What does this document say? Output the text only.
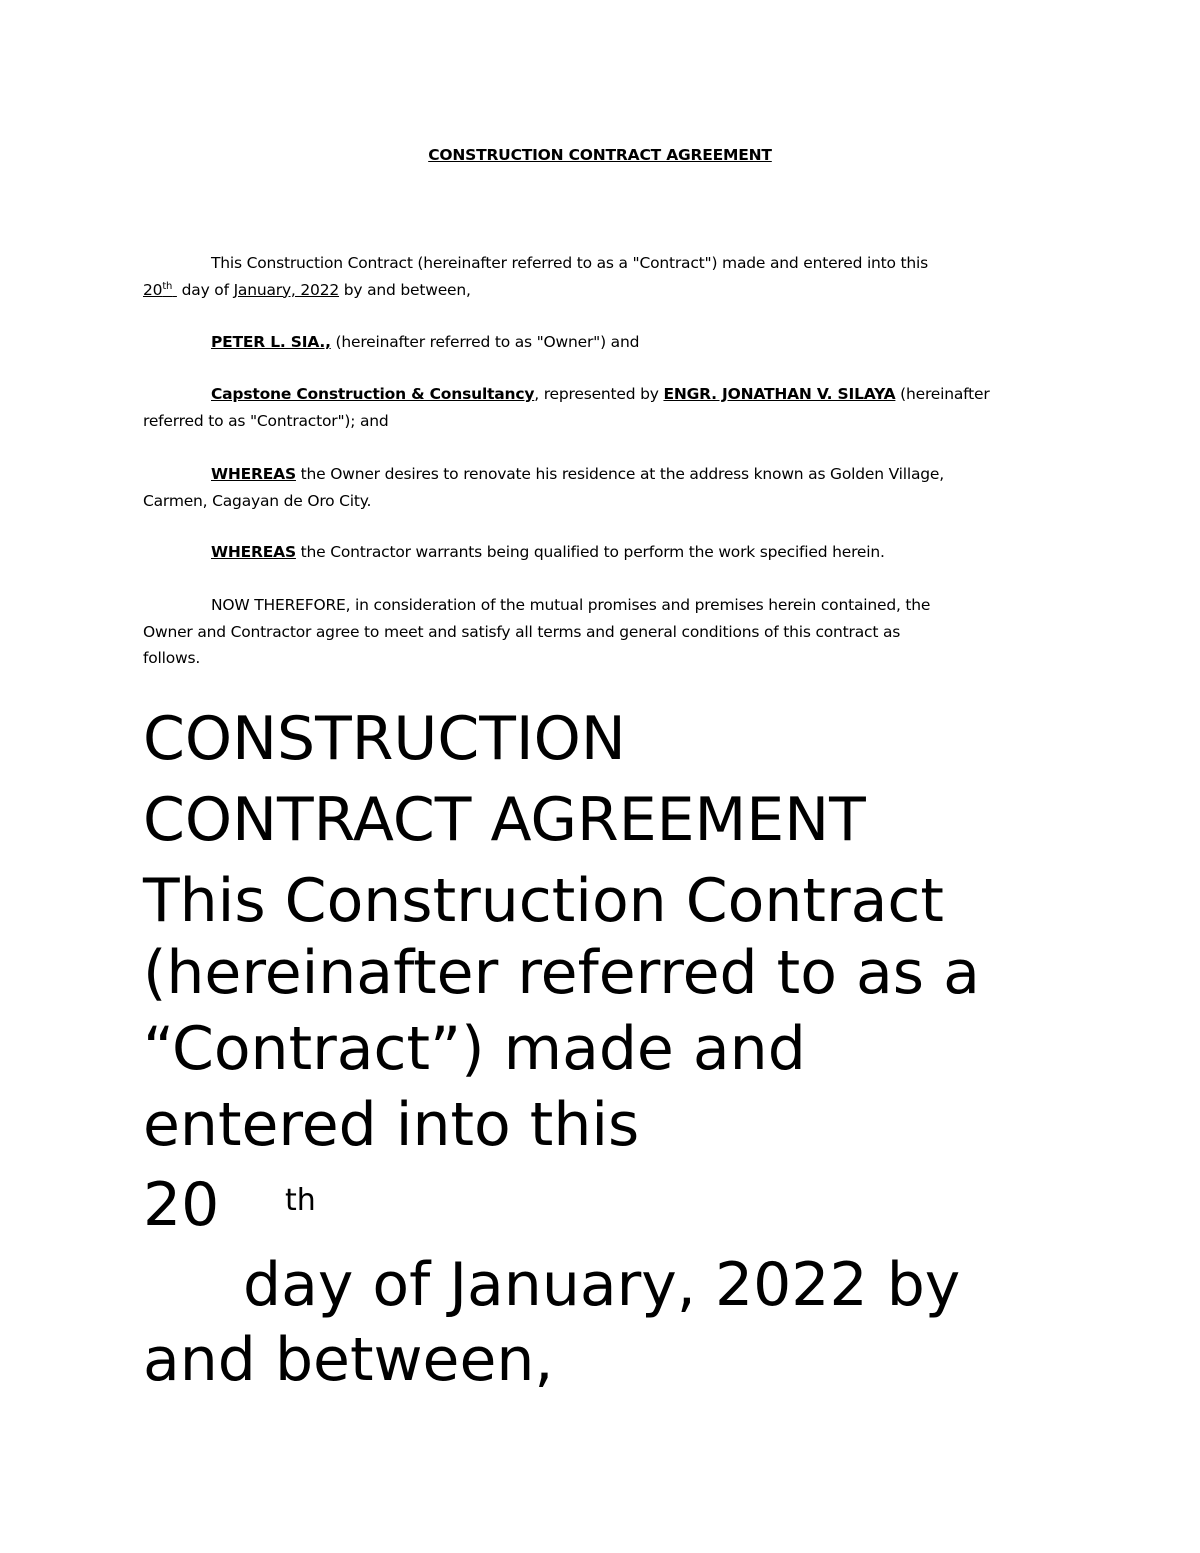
CONSTRUCTION CONTRACT AGREEMENT

This Construction Contract (hereinafter referred to as a "Contract") made and entered into this
20th  day of January, 2022 by and between,

PETER L. SIA., (hereinafter referred to as "Owner") and

Capstone Construction & Consultancy, represented by ENGR. JONATHAN V. SILAYA (hereinafter
referred to as "Contractor"); and

WHEREAS the Owner desires to renovate his residence at the address known as Golden Village,
Carmen, Cagayan de Oro City.

WHEREAS the Contractor warrants being qualified to perform the work specified herein.

NOW THEREFORE, in consideration of the mutual promises and premises herein contained, the
Owner and Contractor agree to meet and satisfy all terms and general conditions of this contract as
follows.

CONSTRUCTION
CONTRACT AGREEMENT
This Construction Contract
(hereinafter referred to as a
“Contract”) made and
entered into this
20 th
day of January, 2022 by
and between,
